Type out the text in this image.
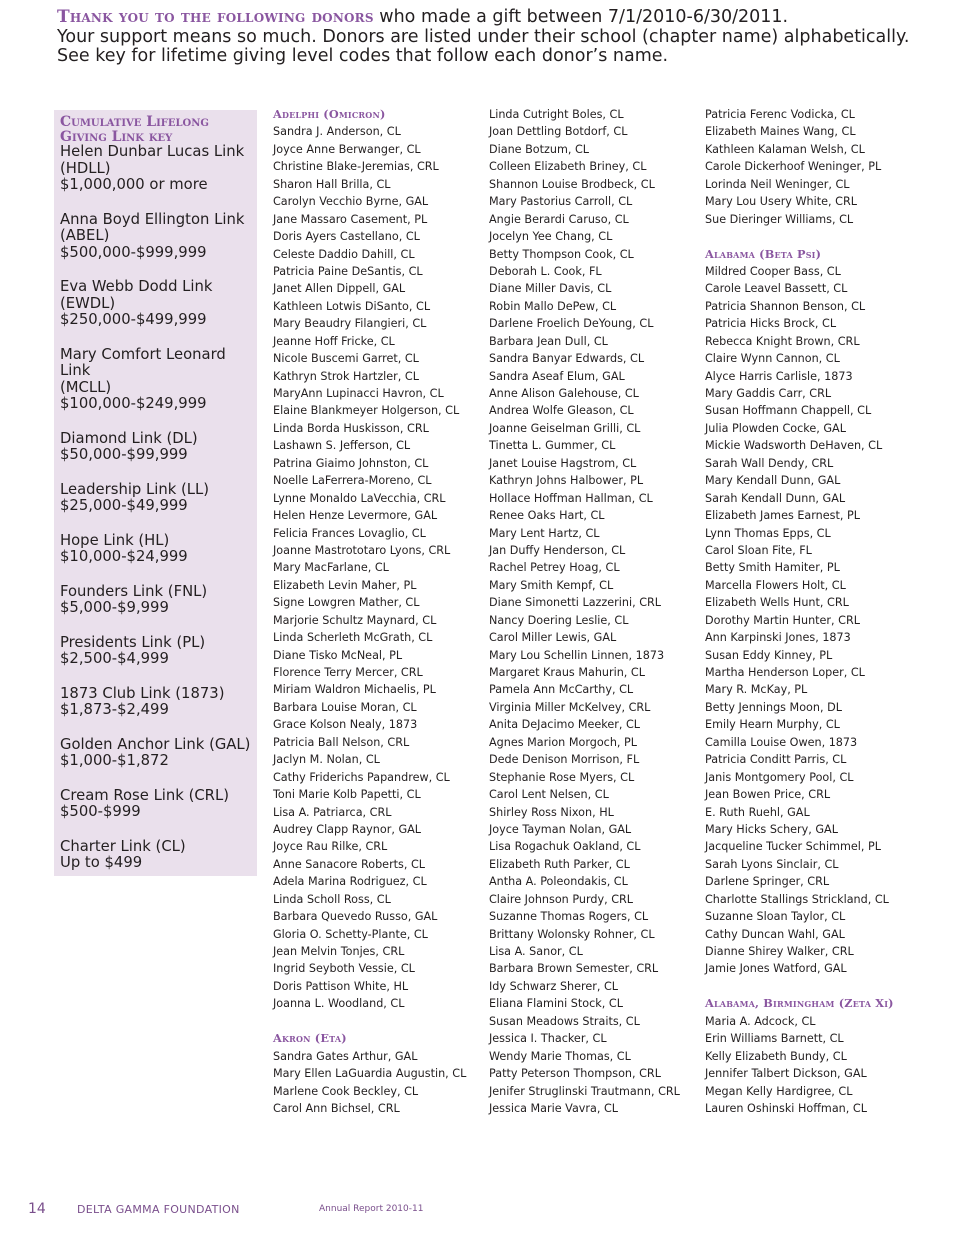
Thank you to the following donors who made a gift between 7/1/2010-6/30/2011.
Your support means so much. Donors are listed under their school (chapter name) alphabetically.
See key for lifetime giving level codes that follow each donor’s name.
Cumulative Lifelong
Giving Link key
Helen Dunbar Lucas Link
(HDLL)
$1,000,000 or more
Anna Boyd Ellington Link
(ABEL)
$500,000-$999,999
Eva Webb Dodd Link
(EWDL)
$250,000-$499,999
Mary Comfort Leonard Link
(MCLL)
$100,000-$249,999
Diamond Link (DL)
$50,000-$99,999
Leadership Link (LL)
$25,000-$49,999
Hope Link (HL)
$10,000-$24,999
Founders Link (FNL)
$5,000-$9,999
Presidents Link (PL)
$2,500-$4,999
1873 Club Link (1873)
$1,873-$2,499
Golden Anchor Link (GAL)
$1,000-$1,872
Cream Rose Link (CRL)
$500-$999
Charter Link (CL)
Up to $499
Adelphi (Omicron)
Sandra J. Anderson, CL
Joyce Anne Berwanger, CL
Christine Blake-Jeremias, CRL
Sharon Hall Brilla, CL
Carolyn Vecchio Byrne, GAL
Jane Massaro Casement, PL
Doris Ayers Castellano, CL
Celeste Daddio Dahill, CL
Patricia Paine DeSantis, CL
Janet Allen Dippell, GAL
Kathleen Lotwis DiSanto, CL
Mary Beaudry Filangieri, CL
Jeanne Hoff Fricke, CL
Nicole Buscemi Garret, CL
Kathryn Strok Hartzler, CL
MaryAnn Lupinacci Havron, CL
Elaine Blankmeyer Holgerson, CL
Linda Borda Huskisson, CRL
Lashawn S. Jefferson, CL
Patrina Giaimo Johnston, CL
Noelle LaFerrera-Moreno, CL
Lynne Monaldo LaVecchia, CRL
Helen Henze Levermore, GAL
Felicia Frances Lovaglio, CL
Joanne Mastrototaro Lyons, CRL
Mary MacFarlane, CL
Elizabeth Levin Maher, PL
Signe Lowgren Mather, CL
Marjorie Schultz Maynard, CL
Linda Scherleth McGrath, CL
Diane Tisko McNeal, PL
Florence Terry Mercer, CRL
Miriam Waldron Michaelis, PL
Barbara Louise Moran, CL
Grace Kolson Nealy, 1873
Patricia Ball Nelson, CRL
Jaclyn M. Nolan, CL
Cathy Friderichs Papandrew, CL
Toni Marie Kolb Papetti, CL
Lisa A. Patriarca, CRL
Audrey Clapp Raynor, GAL
Joyce Rau Rilke, CRL
Anne Sanacore Roberts, CL
Adela Marina Rodriguez, CL
Linda Scholl Ross, CL
Barbara Quevedo Russo, GAL
Gloria O. Schetty-Plante, CL
Jean Melvin Tonjes, CRL
Ingrid Seyboth Vessie, CL
Doris Pattison White, HL
Joanna L. Woodland, CL
Akron (Eta)
Sandra Gates Arthur, GAL
Mary Ellen LaGuardia Augustin, CL
Marlene Cook Beckley, CL
Carol Ann Bichsel, CRL
Linda Cutright Boles, CL
Joan Dettling Botdorf, CL
Diane Botzum, CL
Colleen Elizabeth Briney, CL
Shannon Louise Brodbeck, CL
Mary Pastorius Carroll, CL
Angie Berardi Caruso, CL
Jocelyn Yee Chang, CL
Betty Thompson Cook, CL
Deborah L. Cook, FL
Diane Miller Davis, CL
Robin Mallo DePew, CL
Darlene Froelich DeYoung, CL
Barbara Jean Dull, CL
Sandra Banyar Edwards, CL
Sandra Aseaf Elum, GAL
Anne Alison Galehouse, CL
Andrea Wolfe Gleason, CL
Joanne Geiselman Grilli, CL
Tinetta L. Gummer, CL
Janet Louise Hagstrom, CL
Kathryn Johns Halbower, PL
Hollace Hoffman Hallman, CL
Renee Oaks Hart, CL
Mary Lent Hartz, CL
Jan Duffy Henderson, CL
Rachel Petrey Hoag, CL
Mary Smith Kempf, CL
Diane Simonetti Lazzerini, CRL
Nancy Doering Leslie, CL
Carol Miller Lewis, GAL
Mary Lou Schellin Linnen, 1873
Margaret Kraus Mahurin, CL
Pamela Ann McCarthy, CL
Virginia Miller McKelvey, CRL
Anita DeJacimo Meeker, CL
Agnes Marion Morgoch, PL
Dede Denison Morrison, FL
Stephanie Rose Myers, CL
Carol Lent Nelsen, CL
Shirley Ross Nixon, HL
Joyce Tayman Nolan, GAL
Lisa Rogachuk Oakland, CL
Elizabeth Ruth Parker, CL
Antha A. Poleondakis, CL
Claire Johnson Purdy, CRL
Suzanne Thomas Rogers, CL
Brittany Wolonsky Rohner, CL
Lisa A. Sanor, CL
Barbara Brown Semester, CRL
Idy Schwarz Sherer, CL
Eliana Flamini Stock, CL
Susan Meadows Straits, CL
Jessica I. Thacker, CL
Wendy Marie Thomas, CL
Patty Peterson Thompson, CRL
Jenifer Struglinski Trautmann, CRL
Jessica Marie Vavra, CL
Patricia Ferenc Vodicka, CL
Elizabeth Maines Wang, CL
Kathleen Kalaman Welsh, CL
Carole Dickerhoof Weninger, PL
Lorinda Neil Weninger, CL
Mary Lou Usery White, CRL
Sue Dieringer Williams, CL
Alabama (Beta Psi)
Mildred Cooper Bass, CL
Carole Leavel Bassett, CL
Patricia Shannon Benson, CL
Patricia Hicks Brock, CL
Rebecca Knight Brown, CRL
Claire Wynn Cannon, CL
Alyce Harris Carlisle, 1873
Mary Gaddis Carr, CRL
Susan Hoffmann Chappell, CL
Julia Plowden Cocke, GAL
Mickie Wadsworth DeHaven, CL
Sarah Wall Dendy, CRL
Mary Kendall Dunn, GAL
Sarah Kendall Dunn, GAL
Elizabeth James Earnest, PL
Lynn Thomas Epps, CL
Carol Sloan Fite, FL
Betty Smith Hamiter, PL
Marcella Flowers Holt, CL
Elizabeth Wells Hunt, CRL
Dorothy Martin Hunter, CRL
Ann Karpinski Jones, 1873
Susan Eddy Kinney, PL
Martha Henderson Loper, CL
Mary R. McKay, PL
Betty Jennings Moon, DL
Emily Hearn Murphy, CL
Camilla Louise Owen, 1873
Patricia Conditt Parris, CL
Janis Montgomery Pool, CL
Jean Bowen Price, CRL
E. Ruth Ruehl, GAL
Mary Hicks Schery, GAL
Jacqueline Tucker Schimmel, PL
Sarah Lyons Sinclair, CL
Darlene Springer, CRL
Charlotte Stallings Strickland, CL
Suzanne Sloan Taylor, CL
Cathy Duncan Wahl, GAL
Dianne Shirey Walker, CRL
Jamie Jones Watford, GAL
Alabama, Birmingham (Zeta Xi)
Maria A. Adcock, CL
Erin Williams Barnett, CL
Kelly Elizabeth Bundy, CL
Jennifer Talbert Dickson, GAL
Megan Kelly Hardigree, CL
Lauren Oshinski Hoffman, CL
14	DELTA GAMMA FOUNDATION	Annual Report 2010-11
